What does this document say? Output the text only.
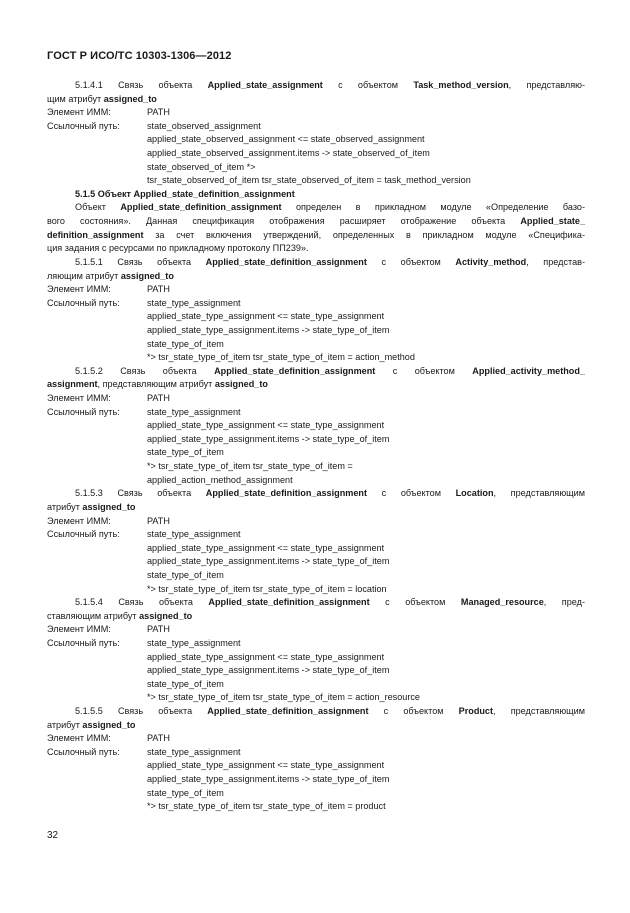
ГОСТ Р ИСО/ТС 10303-1306—2012
5.1.4.1 Связь объекта Applied_state_assignment с объектом Task_method_version, представляю-
щим атрибут assigned_to
Элемент ИММ:	PATH
Ссылочный путь:	state_observed_assignment
applied_state_observed_assignment <= state_observed_assignment
applied_state_observed_assignment.items -> state_observed_of_item
state_observed_of_item *>
tsr_state_observed_of_item tsr_state_observed_of_item = task_method_version
5.1.5 Объект Applied_state_definition_assignment
Объект Applied_state_definition_assignment определен в прикладном модуле «Определение базо-
вого состояния». Данная спецификация отображения расширяет отображение объекта Applied_state_
definition_assignment за счет включения утверждений, определенных в прикладном модуле «Специфика-
ция задания с ресурсами по прикладному протоколу ПП239».
5.1.5.1 Связь объекта Applied_state_definition_assignment с объектом Activity_method, представ-
ляющим атрибут assigned_to
Элемент ИММ:	PATH
Ссылочный путь:	state_type_assignment
applied_state_type_assignment <= state_type_assignment
applied_state_type_assignment.items -> state_type_of_item
state_type_of_item
*> tsr_state_type_of_item tsr_state_type_of_item = action_method
5.1.5.2 Связь объекта Applied_state_definition_assignment с объектом Applied_activity_method_
assignment, представляющим атрибут assigned_to
Элемент ИММ:	PATH
Ссылочный путь:	state_type_assignment
applied_state_type_assignment <= state_type_assignment
applied_state_type_assignment.items -> state_type_of_item
state_type_of_item
*> tsr_state_type_of_item tsr_state_type_of_item =
applied_action_method_assignment
5.1.5.3 Связь объекта Applied_state_definition_assignment с объектом Location, представляющим
атрибут assigned_to
Элемент ИММ:	PATH
Ссылочный путь:	state_type_assignment
applied_state_type_assignment <= state_type_assignment
applied_state_type_assignment.items -> state_type_of_item
state_type_of_item
*> tsr_state_type_of_item tsr_state_type_of_item = location
5.1.5.4 Связь объекта Applied_state_definition_assignment с объектом Managed_resource, пред-
ставляющим атрибут assigned_to
Элемент ИММ:	PATH
Ссылочный путь:	state_type_assignment
applied_state_type_assignment <= state_type_assignment
applied_state_type_assignment.items -> state_type_of_item
state_type_of_item
*> tsr_state_type_of_item tsr_state_type_of_item = action_resource
5.1.5.5 Связь объекта Applied_state_definition_assignment с объектом Product, представляющим
атрибут assigned_to
Элемент ИММ:	PATH
Ссылочный путь:	state_type_assignment
applied_state_type_assignment <= state_type_assignment
applied_state_type_assignment.items -> state_type_of_item
state_type_of_item
*> tsr_state_type_of_item tsr_state_type_of_item = product
32
